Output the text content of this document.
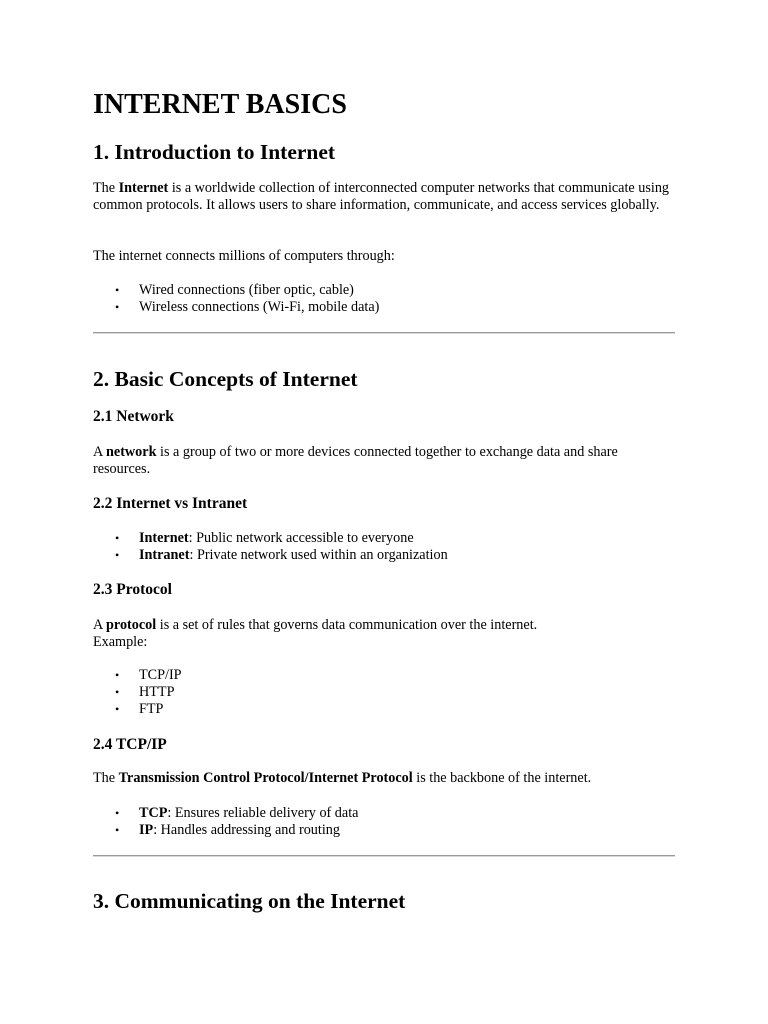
INTERNET BASICS
1. Introduction to Internet

The Internet is a worldwide collection of interconnected computer networks that communicate using common protocols. It allows users to share information, communicate, and access services globally.

The internet connects millions of computers through:

• Wired connections (fiber optic, cable)
• Wireless connections (Wi-Fi, mobile data)
2. Basic Concepts of Internet
2.1 Network

A network is a group of two or more devices connected together to exchange data and share resources.

2.2 Internet vs Intranet
• Internet: Public network accessible to everyone
• Intranet: Private network used within an organization
2.3 Protocol

A protocol is a set of rules that governs data communication over the internet.
Example:

• TCP/IP
• HTTP
• FTP
2.4 TCP/IP

The Transmission Control Protocol/Internet Protocol is the backbone of the internet.

• TCP: Ensures reliable delivery of data
• IP: Handles addressing and routing
3. Communicating on the Internet
